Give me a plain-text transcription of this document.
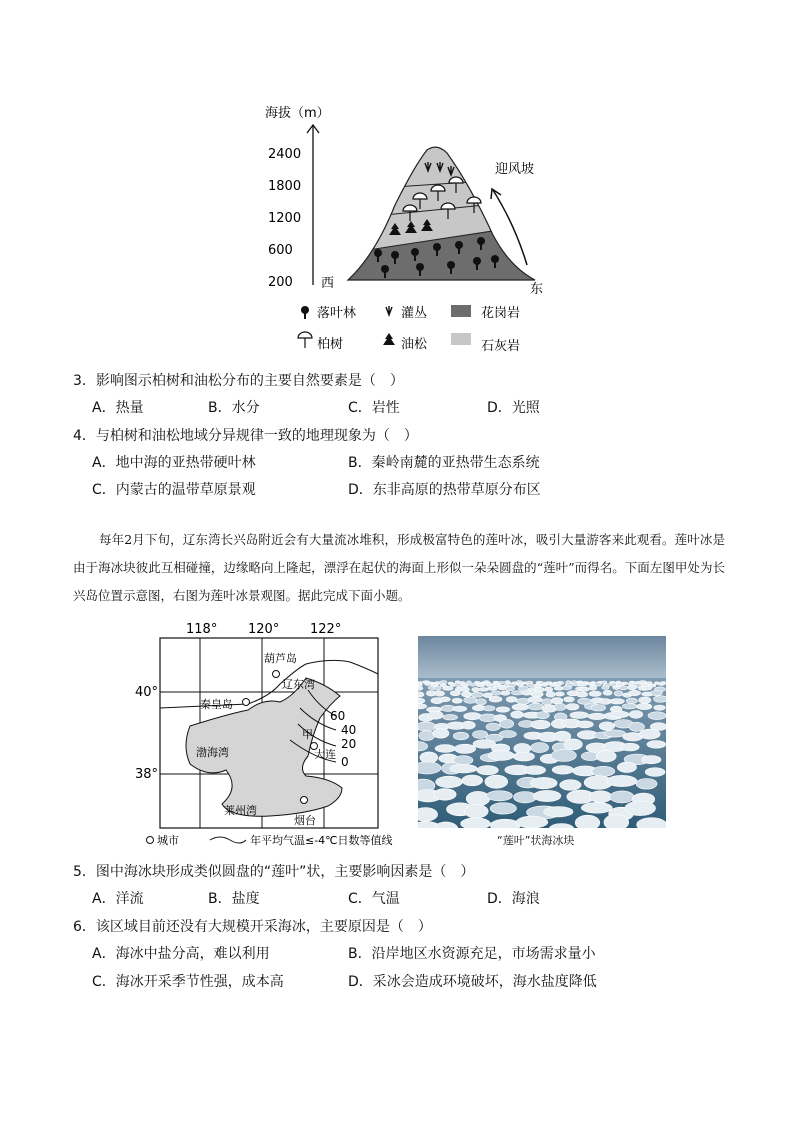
海拔（m）
2400
1800
1200
600
200
迎风坡
西	东
落叶林	灌丛	花岗岩
柏树	油松	石灰岩
3．影响图示柏树和油松分布的主要自然要素是（　）
A．热量	B．水分	C．岩性	D．光照
4．与柏树和油松地域分异规律一致的地理现象为（　）
A．地中海的亚热带硬叶林	B．秦岭南麓的亚热带生态系统
C．内蒙古的温带草原景观	D．东非高原的热带草原分布区
每年2月下旬，辽东湾长兴岛附近会有大量流冰堆积，形成极富特色的莲叶冰，吸引大量游客来此观看。莲叶冰是由于海冰块彼此互相碰撞，边缘略向上隆起，漂浮在起伏的海面上形似一朵朵圆盘的“莲叶”而得名。下面左图甲处为长兴岛位置示意图，右图为莲叶冰景观图。据此完成下面小题。
118° 120° 122°
40°
38°
60
40
20
0
葫芦岛
辽东湾
秦皇岛
渤海湾
甲
大连
莱州湾
烟台
城市	年平均气温≤-4℃日数等值线	“莲叶”状海冰块
5．图中海冰块形成类似圆盘的“莲叶”状，主要影响因素是（　）
A．洋流	B．盐度	C．气温	D．海浪
6．该区域目前还没有大规模开采海冰，主要原因是（　）
A．海冰中盐分高，难以利用	B．沿岸地区水资源充足，市场需求量小
C．海冰开采季节性强，成本高	D．采冰会造成环境破坏，海水盐度降低
